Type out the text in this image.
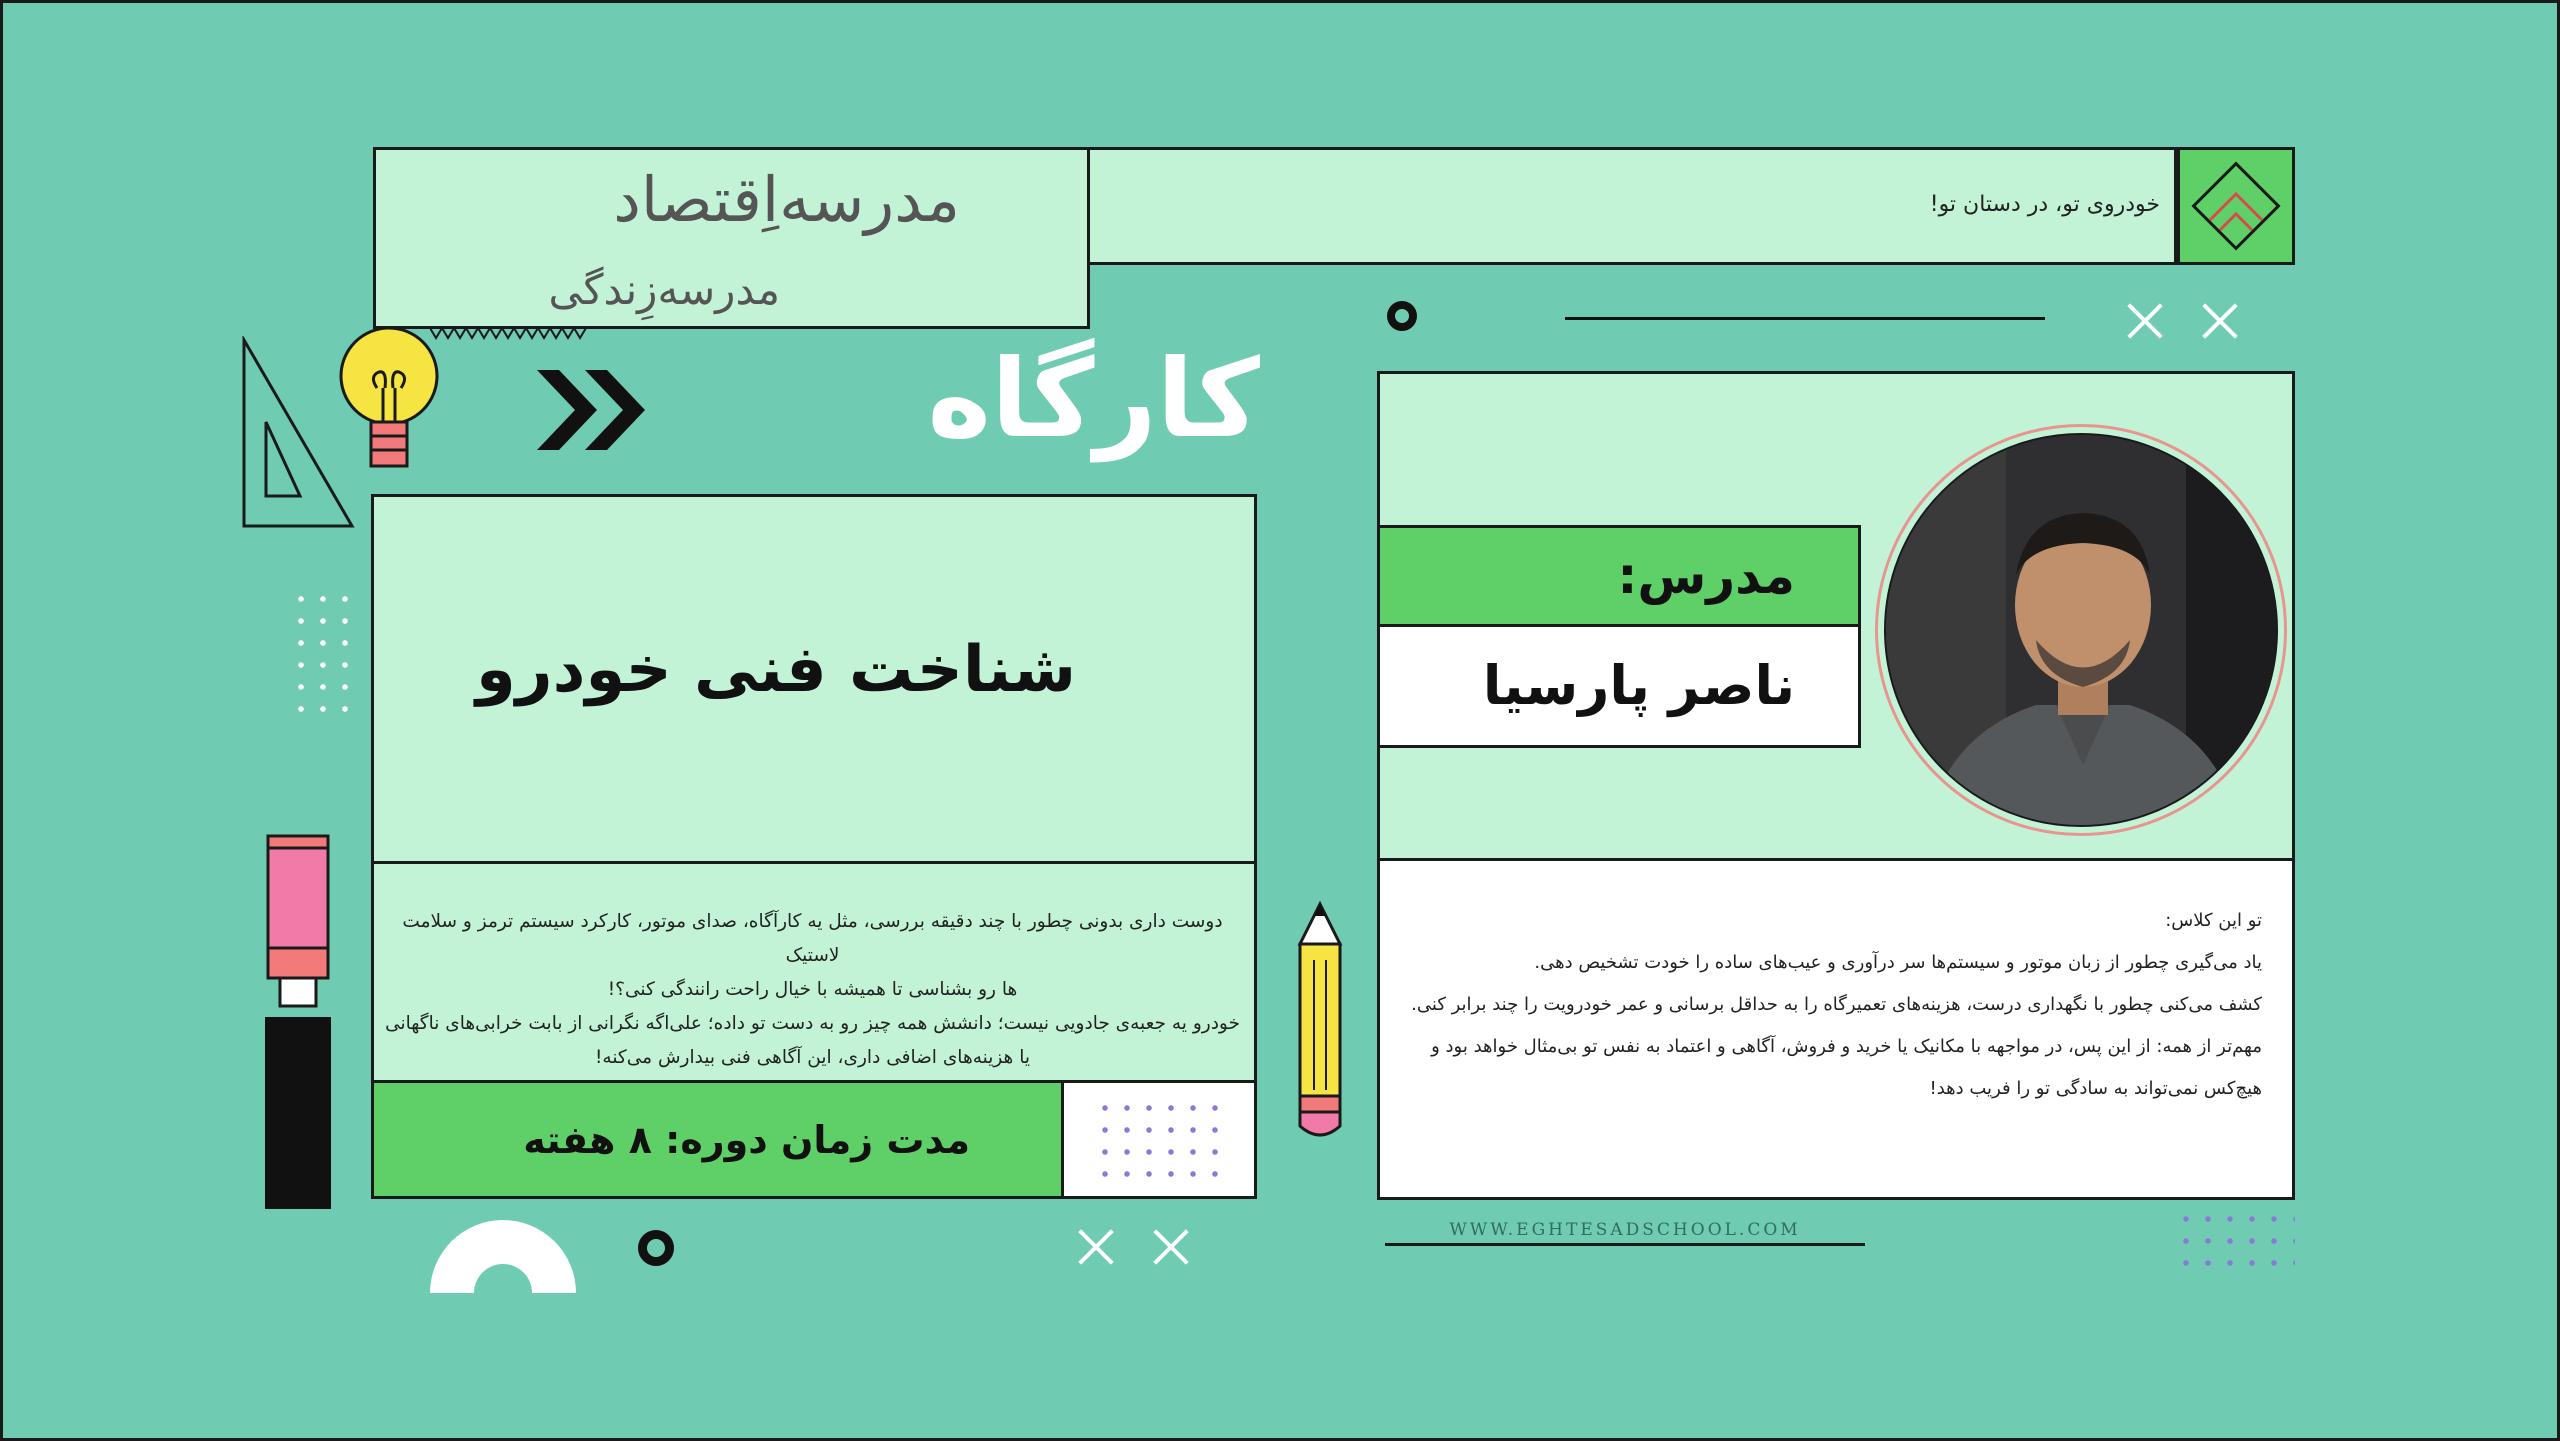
مدرسه‌اِقتصاد
مدرسه‌زِندگی
خودروی تو، در دستان تو!
کارگاه
شناخت فنی خودرو
دوست داری بدونی چطور با چند دقیقه بررسی، مثل یه کارآگاه، صدای موتور، کارکرد سیستم ترمز و سلامت لاستیک
ها رو بشناسی تا همیشه با خیال راحت رانندگی کنی؟!
خودرو یه جعبه‌ی جادویی نیست؛ دانشش همه چیز رو به دست تو داده؛ علی‌اگه نگرانی از بابت خرابی‌های ناگهانی
یا هزینه‌های اضافی داری، این آگاهی فنی بیدارش می‌کنه!
مدت زمان دوره: ۸ هفته
مدرس:
ناصر پارسیا
تو این کلاس:
یاد می‌گیری چطور از زبان موتور و سیستم‌ها سر درآوری و عیب‌های ساده را خودت تشخیص دهی.
کشف می‌کنی چطور با نگهداری درست، هزینه‌های تعمیرگاه را به حداقل برسانی و عمر خودرویت را چند برابر کنی.
مهم‌تر از همه: از این پس، در مواجهه با مکانیک یا خرید و فروش، آگاهی و اعتماد به نفس تو بی‌مثال خواهد بود و
هیچ‌کس نمی‌تواند به سادگی تو را فریب دهد!
WWW.EGHTESADSCHOOL.COM
